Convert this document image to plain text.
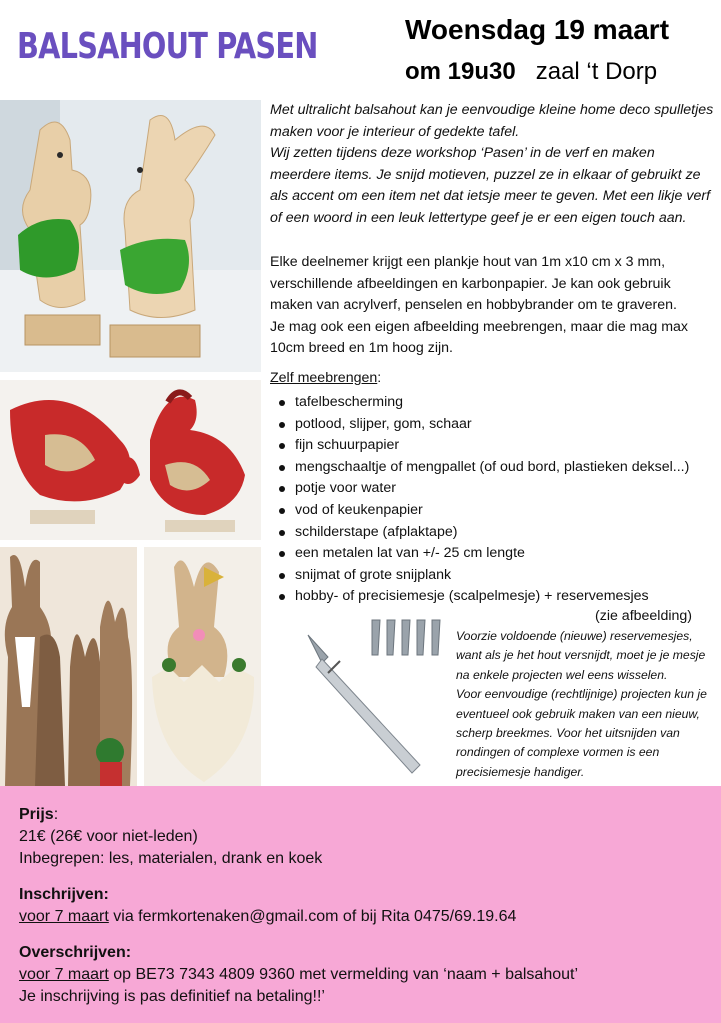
BALSAHOUT PASEN	Woensdag 19 maart
om 19u30 zaal ‘t Dorp

Met ultralicht balsahout kan je eenvoudige kleine home deco spulletjes maken voor je interieur of gedekte tafel.

Wij zetten tijdens deze workshop ‘Pasen’ in de verf en maken meerdere items. Je snijd motieven, puzzel ze in elkaar of gebruikt ze als accent om een item net dat ietsje meer te geven. Met een likje verf of een woord in een leuk lettertype geef je er een eigen touch aan.

Elke deelnemer krijgt een plankje hout van 1m x10 cm x 3 mm, verschillende afbeeldingen en karbonpapier. Je kan ook gebruik maken van acrylverf, penselen en hobbybrander om te graveren.

Je mag ook een eigen afbeelding meebrengen, maar die mag max 10cm breed en 1m hoog zijn.

Zelf meebrengen:
tafelbescherming
potlood, slijper, gom, schaar
fijn schuurpapier
mengschaaltje of mengpallet (of oud bord, plastieken deksel...)
potje voor water
vod of keukenpapier
schilderstape (afplaktape)
een metalen lat van +/- 25 cm lengte
snijmat of grote snijplank
hobby- of precisiemesje (scalpelmesje) + reservemesjes
(zie afbeelding)

Voorzie voldoende (nieuwe) reservemesjes, want als je het hout versnijdt, moet je je mesje na enkele projecten wel eens wisselen.

Voor eenvoudige (rechtlijnige) projecten kun je eventueel ook gebruik maken van een nieuw, scherp breekmes. Voor het uitsnijden van rondingen of complexe vormen is een precisiemesje handiger.

Prijs:
21€ (26€ voor niet-leden)
Inbegrepen: les, materialen, drank en koek
Inschrijven:
voor 7 maart via fermkortenaken@gmail.com of bij Rita 0475/69.19.64
Overschrijven:
voor 7 maart op BE73 7343 4809 9360 met vermelding van ‘naam + balsahout’
Je inschrijving is pas definitief na betaling!!’
